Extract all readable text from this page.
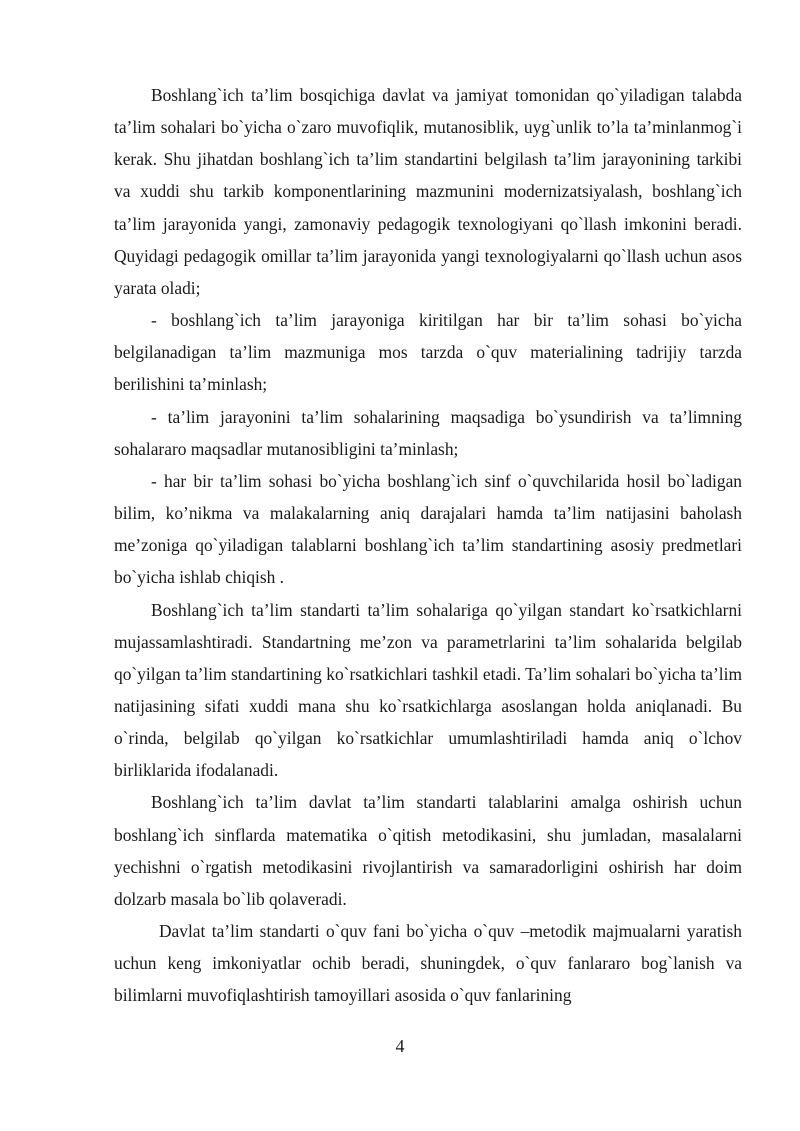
Boshlang`ich ta’lim bosqichiga davlat va jamiyat tomonidan qo`yiladigan talabda ta’lim sohalari bo`yicha o`zaro muvofiqlik, mutanosiblik, uyg`unlik to’la ta’minlanmog`i kerak. Shu jihatdan boshlang`ich ta’lim standartini belgilash ta’lim jarayonining tarkibi va xuddi shu tarkib komponentlarining mazmunini modernizatsiyalash, boshlang`ich ta’lim jarayonida yangi, zamonaviy pedagogik texnologiyani qo`llash imkonini beradi. Quyidagi pedagogik omillar ta’lim jarayonida yangi texnologiyalarni qo`llash uchun asos yarata oladi;

- boshlang`ich ta’lim jarayoniga kiritilgan har bir ta’lim sohasi bo`yicha belgilanadigan ta’lim mazmuniga mos tarzda o`quv materialining tadrijiy tarzda berilishini ta’minlash;

- ta’lim jarayonini ta’lim sohalarining maqsadiga bo`ysundirish va ta’limning sohalararo maqsadlar mutanosibligini ta’minlash;

- har bir ta’lim sohasi bo`yicha boshlang`ich sinf o`quvchilarida hosil bo`ladigan bilim, ko’nikma va malakalarning aniq darajalari hamda ta’lim natijasini baholash me’zoniga qo`yiladigan talablarni boshlang`ich ta’lim standartining asosiy predmetlari bo`yicha ishlab chiqish .

Boshlang`ich ta’lim standarti ta’lim sohalariga qo`yilgan standart ko`rsatkichlarni mujassamlashtiradi. Standartning me’zon va parametrlarini ta’lim sohalarida belgilab qo`yilgan ta’lim standartining ko`rsatkichlari tashkil etadi. Ta’lim sohalari bo`yicha ta’lim natijasining sifati xuddi mana shu ko`rsatkichlarga asoslangan holda aniqlanadi. Bu o`rinda, belgilab qo`yilgan ko`rsatkichlar umumlashtiriladi hamda aniq o`lchov birliklarida ifodalanadi.

Boshlang`ich ta’lim davlat ta’lim standarti talablarini amalga oshirish uchun boshlang`ich sinflarda matematika o`qitish metodikasini, shu jumladan, masalalarni yechishni o`rgatish metodikasini rivojlantirish va samaradorligini oshirish har doim dolzarb masala bo`lib qolaveradi.

Davlat ta’lim standarti o`quv fani bo`yicha o`quv –metodik majmualarni yaratish uchun keng imkoniyatlar ochib beradi, shuningdek, o`quv fanlararo bog`lanish va bilimlarni muvofiqlashtirish tamoyillari asosida o`quv fanlarining

4
